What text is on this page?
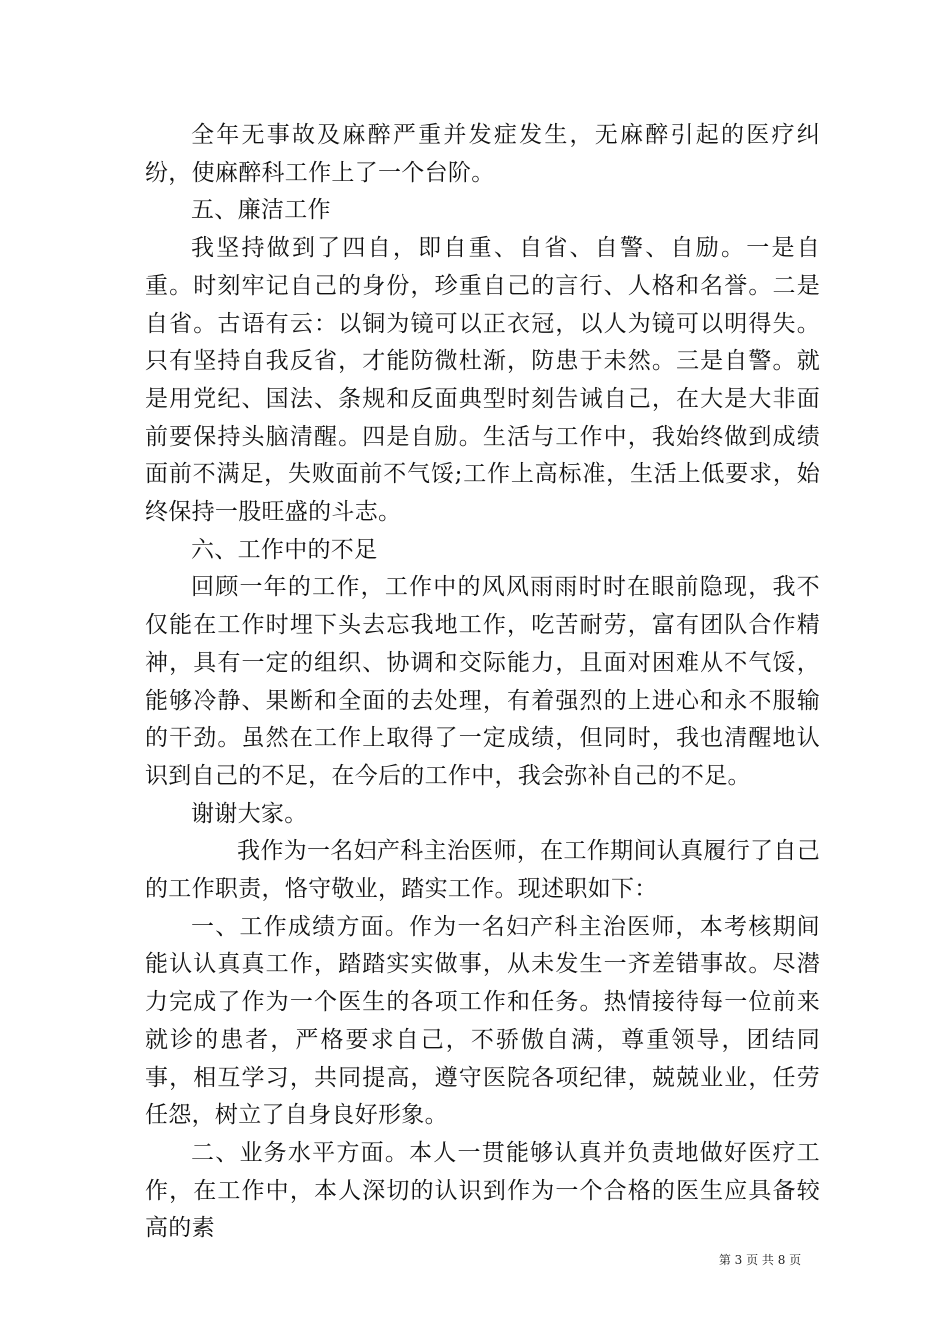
全年无事故及麻醉严重并发症发生，无麻醉引起的医疗纠纷，使麻醉科工作上了一个台阶。

五、廉洁工作

我坚持做到了四自，即自重、自省、自警、自励。一是自重。时刻牢记自己的身份，珍重自己的言行、人格和名誉。二是自省。古语有云：以铜为镜可以正衣冠，以人为镜可以明得失。只有坚持自我反省，才能防微杜渐，防患于未然。三是自警。就是用党纪、国法、条规和反面典型时刻告诫自己，在大是大非面前要保持头脑清醒。四是自励。生活与工作中，我始终做到成绩面前不满足，失败面前不气馁;工作上高标准，生活上低要求，始终保持一股旺盛的斗志。

六、工作中的不足

回顾一年的工作，工作中的风风雨雨时时在眼前隐现，我不仅能在工作时埋下头去忘我地工作，吃苦耐劳，富有团队合作精神，具有一定的组织、协调和交际能力，且面对困难从不气馁，能够冷静、果断和全面的去处理，有着强烈的上进心和永不服输的干劲。虽然在工作上取得了一定成绩，但同时，我也清醒地认识到自己的不足，在今后的工作中，我会弥补自己的不足。

谢谢大家。

我作为一名妇产科主治医师，在工作期间认真履行了自己的工作职责，恪守敬业，踏实工作。现述职如下：

一、工作成绩方面。作为一名妇产科主治医师，本考核期间能认认真真工作，踏踏实实做事，从未发生一齐差错事故。尽潜力完成了作为一个医生的各项工作和任务。热情接待每一位前来就诊的患者，严格要求自己，不骄傲自满，尊重领导，团结同事，相互学习，共同提高，遵守医院各项纪律，兢兢业业，任劳任怨，树立了自身良好形象。

二、业务水平方面。本人一贯能够认真并负责地做好医疗工作，在工作中，本人深切的认识到作为一个合格的医生应具备较高的素

第 3 页 共 8 页
